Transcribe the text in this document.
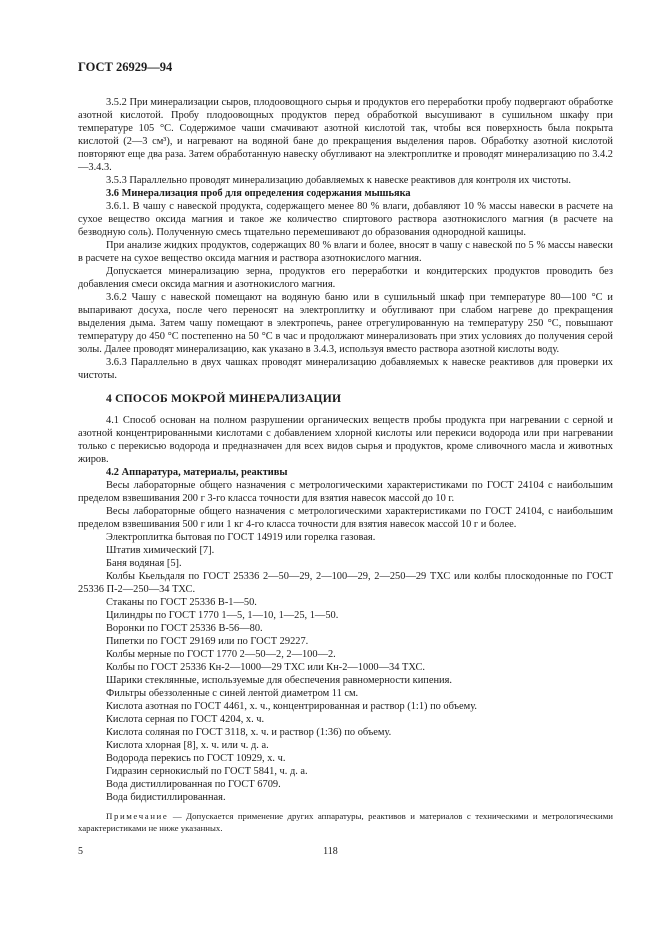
ГОСТ 26929—94

3.5.2 При минерализации сыров, плодоовощного сырья и продуктов его переработки пробу подвергают обработке азотной кислотой. Пробу плодоовощных продуктов перед обработкой высушивают в сушильном шкафу при температуре 105 °С. Содержимое чаши смачивают азотной кислотой так, чтобы вся поверхность была покрыта кислотой (2—3 см³), и нагревают на водяной бане до прекращения выделения паров. Обработку азотной кислотой повторяют еще два раза. Затем обработанную навеску обугливают на электроплитке и проводят минерализацию по 3.4.2—3.4.3.

3.5.3 Параллельно проводят минерализацию добавляемых к навеске реактивов для контроля их чистоты.

3.6 Минерализация проб для определения содержания мышьяка

3.6.1. В чашу с навеской продукта, содержащего менее 80 % влаги, добавляют 10 % массы навески в расчете на сухое вещество оксида магния и такое же количество спиртового раствора азотнокислого магния (в расчете на безводную соль). Полученную смесь тщательно перемешивают до образования однородной кашицы.

При анализе жидких продуктов, содержащих 80 % влаги и более, вносят в чашу с навеской по 5 % массы навески в расчете на сухое вещество оксида магния и раствора азотнокислого магния.

Допускается минерализацию зерна, продуктов его переработки и кондитерских продуктов проводить без добавления смеси оксида магния и азотнокислого магния.

3.6.2 Чашу с навеской помещают на водяную баню или в сушильный шкаф при температуре 80—100 °С и выпаривают досуха, после чего переносят на электроплитку и обугливают при слабом нагреве до прекращения выделения дыма. Затем чашу помещают в электропечь, ранее отрегулированную на температуру 250 °С, повышают температуру до 450 °С постепенно на 50 °С в час и продолжают минерализовать при этих условиях до получения серой золы. Далее проводят минерализацию, как указано в 3.4.3, используя вместо раствора азотной кислоты воду.

3.6.3 Параллельно в двух чашках проводят минерализацию добавляемых к навеске реактивов для проверки их чистоты.

4 СПОСОБ МОКРОЙ МИНЕРАЛИЗАЦИИ

4.1 Способ основан на полном разрушении органических веществ пробы продукта при нагревании с серной и азотной концентрированными кислотами с добавлением хлорной кислоты или перекиси водорода или при нагревании только с перекисью водорода и предназначен для всех видов сырья и продуктов, кроме сливочного масла и животных жиров.

4.2 Аппаратура, материалы, реактивы

Весы лабораторные общего назначения с метрологическими характеристиками по ГОСТ 24104 с наибольшим пределом взвешивания 200 г 3-го класса точности для взятия навесок массой до 10 г.

Весы лабораторные общего назначения с метрологическими характеристиками по ГОСТ 24104, с наибольшим пределом взвешивания 500 г или 1 кг 4-го класса точности для взятия навесок массой 10 г и более.

Электроплитка бытовая по ГОСТ 14919 или горелка газовая.

Штатив химический [7].

Баня водяная [5].

Колбы Кьельдаля по ГОСТ 25336 2—50—29, 2—100—29, 2—250—29 ТХС или колбы плоскодонные по ГОСТ 25336 П-2—250—34 ТХС.

Стаканы по ГОСТ 25336 В-1—50.

Цилиндры по ГОСТ 1770 1—5, 1—10, 1—25, 1—50.

Воронки по ГОСТ 25336 В-56—80.

Пипетки по ГОСТ 29169 или по ГОСТ 29227.

Колбы мерные по ГОСТ 1770 2—50—2, 2—100—2.

Колбы по ГОСТ 25336 Кн-2—1000—29 ТХС или Кн-2—1000—34 ТХС.

Шарики стеклянные, используемые для обеспечения равномерности кипения.

Фильтры обеззоленные с синей лентой диаметром 11 см.

Кислота азотная по ГОСТ 4461, х. ч., концентрированная и раствор (1:1) по объему.

Кислота серная по ГОСТ 4204, х. ч.

Кислота соляная по ГОСТ 3118, х. ч. и раствор (1:36) по объему.

Кислота хлорная [8], х. ч. или ч. д. а.

Водорода перекись по ГОСТ 10929, х. ч.

Гидразин сернокислый по ГОСТ 5841, ч. д. а.

Вода дистиллированная по ГОСТ 6709.

Вода бидистиллированная.

Примечание — Допускается применение других аппаратуры, реактивов и материалов с техническими и метрологическими характеристиками не ниже указанных.

5	118
